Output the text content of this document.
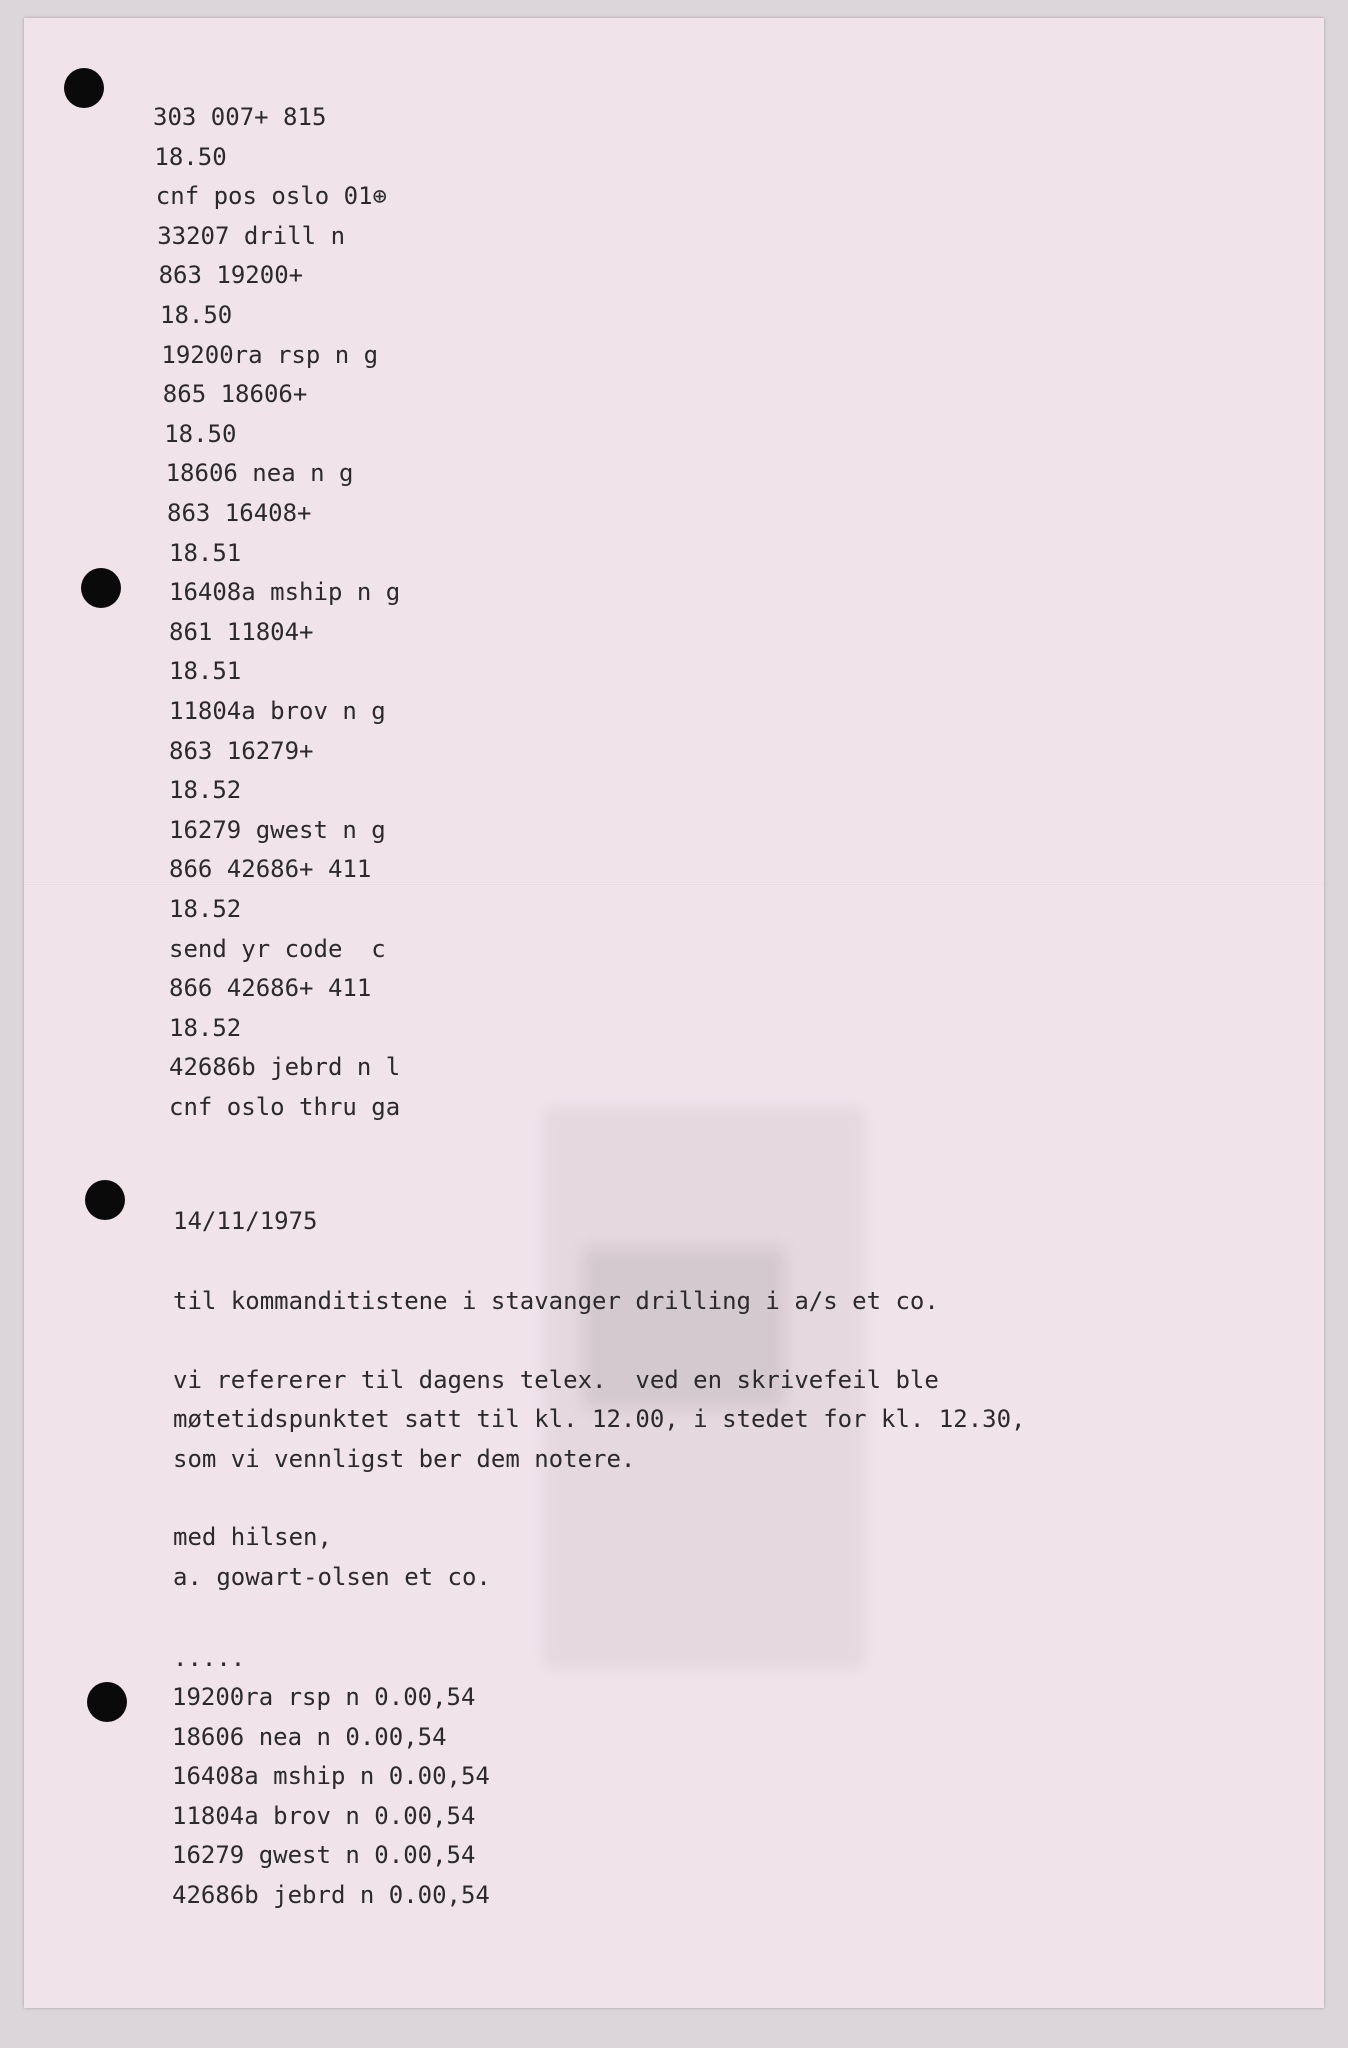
303 007+ 815
18.50
cnf pos oslo 01⊕
33207 drill n
863 19200+
18.50
19200ra rsp n g
865 18606+
18.50
18606 nea n g
863 16408+
18.51
16408a mship n g
861 11804+
18.51
11804a brov n g
863 16279+
18.52
16279 gwest n g
866 42686+ 411
18.52
send yr code  c
866 42686+ 411
18.52
42686b jebrd n l
cnf oslo thru ga

14/11/1975

til kommanditistene i stavanger drilling i a/s et co.

vi refererer til dagens telex.  ved en skrivefeil ble

møtetidspunktet satt til kl. 12.00, i stedet for kl. 12.30,

som vi vennligst ber dem notere.

med hilsen,

a. gowart-olsen et co.

.....

19200ra rsp n 0.00,54
18606 nea n 0.00,54
16408a mship n 0.00,54
11804a brov n 0.00,54
16279 gwest n 0.00,54
42686b jebrd n 0.00,54
